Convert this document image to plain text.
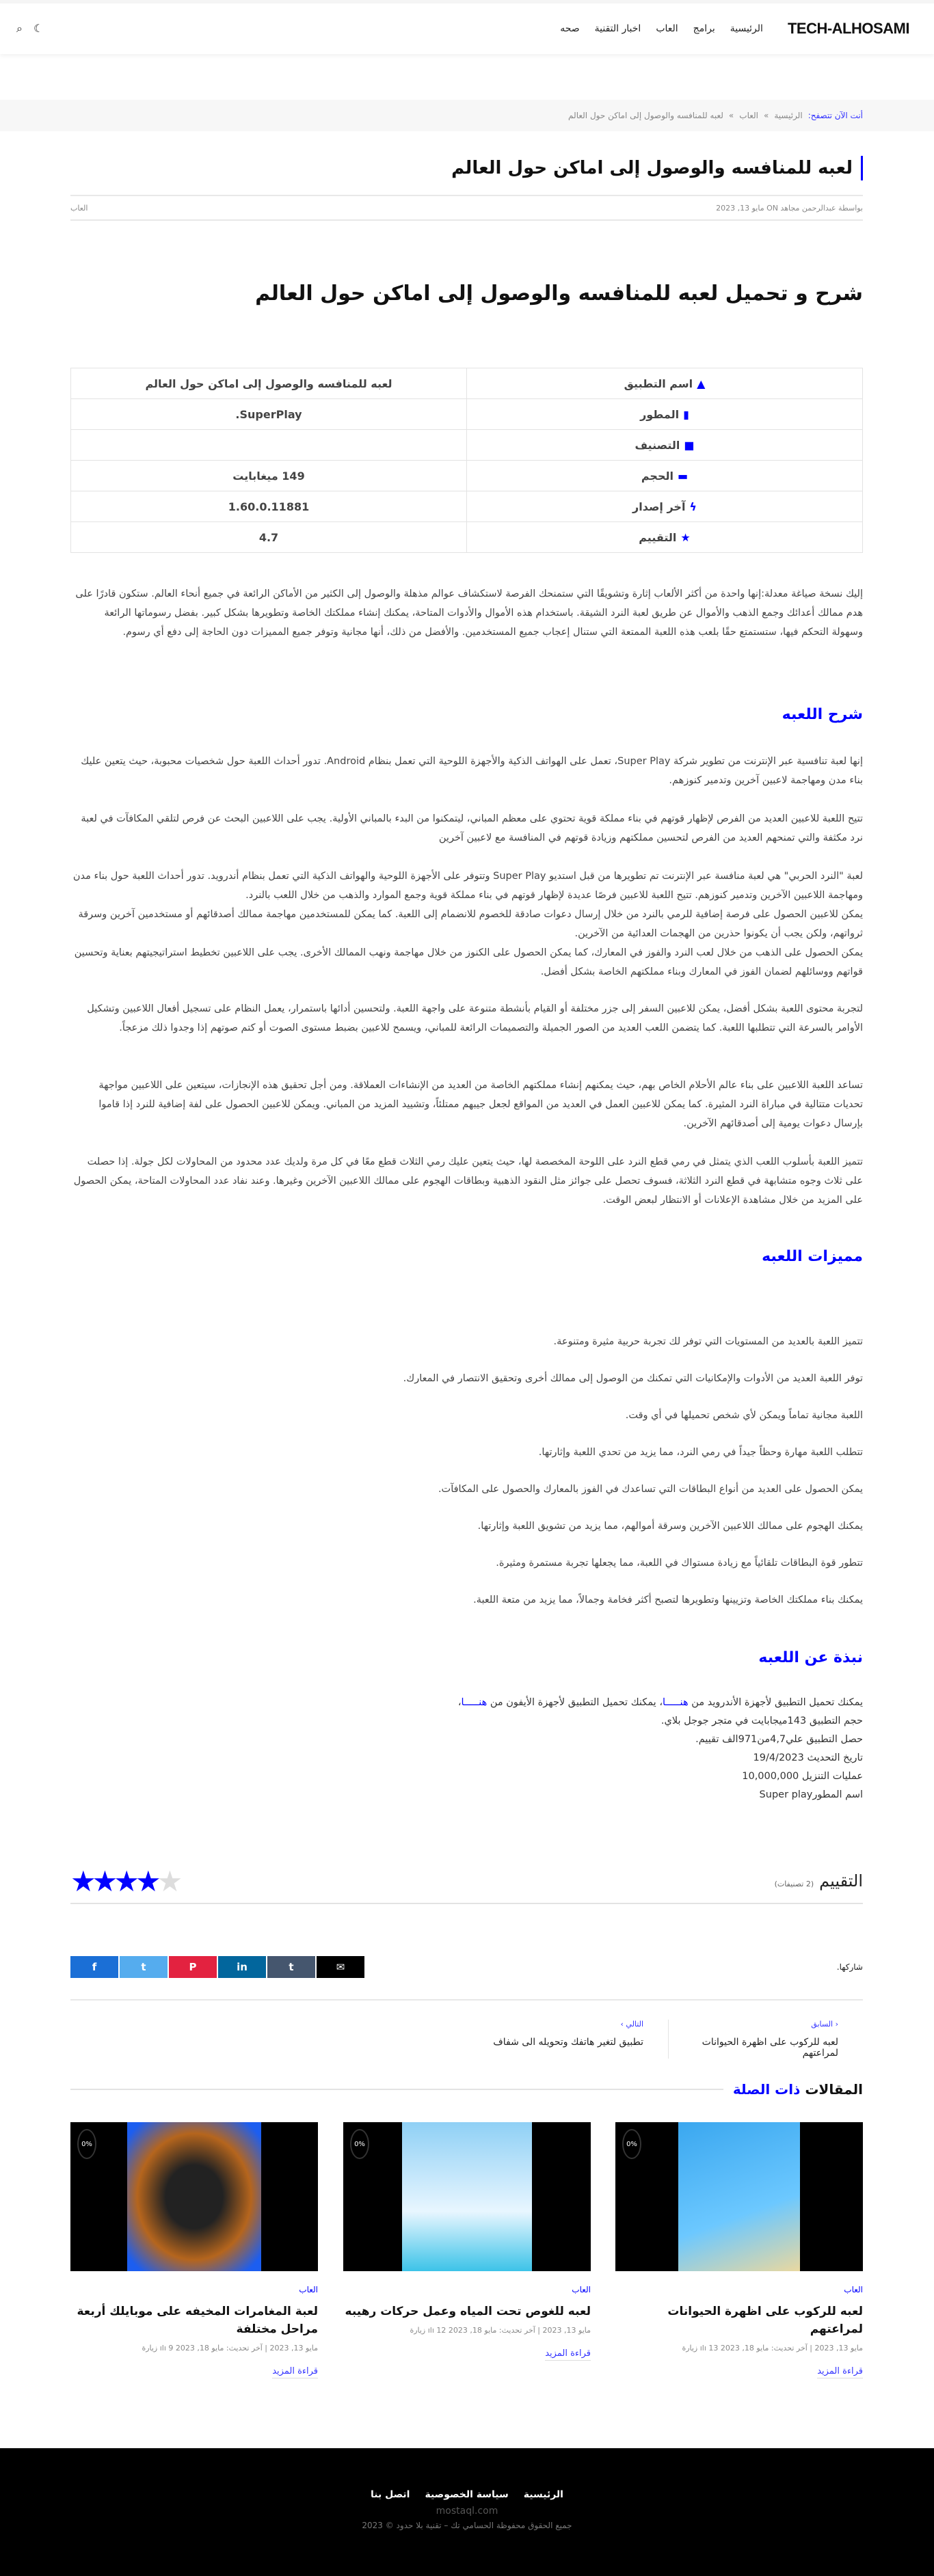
TECH-ALHOSAMI
الرئيسية
برامج
العاب
اخبار التقنية
صحه
☾
⌕
أنت الآن تتصفح:
الرئيسية
»
العاب
»
لعبه للمنافسه والوصول إلى اماكن حول العالم
لعبه للمنافسه والوصول إلى اماكن حول العالم
بواسطة عبدالرحمن مجاهد ON مايو 13, 2023
العاب
شرح و تحميل لعبه للمنافسه والوصول إلى اماكن حول العالم
▲اسم التطبيق	لعبه للمنافسه والوصول إلى اماكن حول العالم
▮المطور	SuperPlay.
■التصنيف	
▬الحجم	149 ميغابايت
ϟآخر إصدار	1.60.0.11881
★التقييم	4.7

إليك نسخة صياغة معدلة:إنها واحدة من أكثر الألعاب إثارة وتشويقًا التي ستمنحك الفرصة لاستكشاف عوالم مذهلة والوصول إلى الكثير من الأماكن الرائعة في جميع أنحاء العالم. ستكون قادرًا على هدم ممالك أعدائك وجمع الذهب والأموال عن طريق لعبة النرد الشيقة. باستخدام هذه الأموال والأدوات المتاحة، يمكنك إنشاء مملكتك الخاصة وتطويرها بشكل كبير. بفضل رسوماتها الرائعة وسهولة التحكم فيها، ستستمتع حقًا بلعب هذه اللعبة الممتعة التي ستنال إعجاب جميع المستخدمين. والأفضل من ذلك، أنها مجانية وتوفر جميع المميزات دون الحاجة إلى دفع أي رسوم.

شرح اللعبه

إنها لعبة تنافسية عبر الإنترنت من تطوير شركة Super Play، تعمل على الهواتف الذكية والأجهزة اللوحية التي تعمل بنظام Android. تدور أحداث اللعبة حول شخصيات محبوبة، حيث يتعين عليك بناء مدن ومهاجمة لاعبين آخرين وتدمير كنوزهم.

تتيح اللعبة للاعبين العديد من الفرص لإظهار قوتهم في بناء مملكة قوية تحتوي على معظم المباني، ليتمكنوا من البدء بالمباني الأولية. يجب على اللاعبين البحث عن فرص لتلقي المكافآت في لعبة نرد مكثفة والتي تمنحهم العديد من الفرص لتحسين مملكتهم وزيادة قوتهم في المنافسة مع لاعبين آخرين

لعبة "النرد الحربي" هي لعبة منافسة عبر الإنترنت تم تطويرها من قبل استديو Super Play وتتوفر على الأجهزة اللوحية والهواتف الذكية التي تعمل بنظام أندرويد. تدور أحداث اللعبة حول بناء مدن ومهاجمة اللاعبين الآخرين وتدمير كنوزهم. تتيح اللعبة للاعبين فرصًا عديدة لإظهار قوتهم في بناء مملكة قوية وجمع الموارد والذهب من خلال اللعب بالنرد.
يمكن للاعبين الحصول على فرصة إضافية للرمي بالنرد من خلال إرسال دعوات صادقة للخصوم للانضمام إلى اللعبة. كما يمكن للمستخدمين مهاجمة ممالك أصدقائهم أو مستخدمين آخرين وسرقة ثرواتهم، ولكن يجب أن يكونوا حذرين من الهجمات العدائية من الآخرين.
يمكن الحصول على الذهب من خلال لعب النرد والفوز في المعارك، كما يمكن الحصول على الكنوز من خلال مهاجمة ونهب الممالك الأخرى. يجب على اللاعبين تخطيط استراتيجيتهم بعناية وتحسين قواتهم ووسائلهم لضمان الفوز في المعارك وبناء مملكتهم الخاصة بشكل أفضل.

لتجربة محتوى اللعبة بشكل أفضل، يمكن للاعبين السفر إلى جزر مختلفة أو القيام بأنشطة متنوعة على واجهة اللعبة. ولتحسين أدائها باستمرار، يعمل النظام على تسجيل أفعال اللاعبين وتشكيل الأوامر بالسرعة التي تتطلبها اللعبة. كما يتضمن اللعب العديد من الصور الجميلة والتصميمات الرائعة للمباني، ويسمح للاعبين بضبط مستوى الصوت أو كتم صوتهم إذا وجدوا ذلك مزعجاً.

تساعد اللعبة اللاعبين على بناء عالم الأحلام الخاص بهم، حيث يمكنهم إنشاء مملكتهم الخاصة من العديد من الإنشاءات العملاقة. ومن أجل تحقيق هذه الإنجازات، سيتعين على اللاعبين مواجهة تحديات متتالية في مباراة النرد المثيرة. كما يمكن للاعبين العمل في العديد من المواقع لجعل جيبهم ممتلئاً، وتشييد المزيد من المباني. ويمكن للاعبين الحصول على لفة إضافية للنرد إذا قاموا بإرسال دعوات يومية إلى أصدقائهم الآخرين.

تتميز اللعبة بأسلوب اللعب الذي يتمثل في رمي قطع النرد على اللوحة المخصصة لها، حيث يتعين عليك رمي الثلاث قطع معًا في كل مرة ولديك عدد محدود من المحاولات لكل جولة. إذا حصلت على ثلاث وجوه متشابهة في قطع النرد الثلاثة، فسوف تحصل على جوائز مثل النقود الذهبية وبطاقات الهجوم على ممالك اللاعبين الآخرين وغيرها. وعند نفاد عدد المحاولات المتاحة، يمكن الحصول على المزيد من خلال مشاهدة الإعلانات أو الانتظار لبعض الوقت.

مميزات اللعبه

تتميز اللعبة بالعديد من المستويات التي توفر لك تجربة حربية مثيرة ومتنوعة.

توفر اللعبة العديد من الأدوات والإمكانيات التي تمكنك من الوصول إلى ممالك أخرى وتحقيق الانتصار في المعارك.

اللعبة مجانية تماماً ويمكن لأي شخص تحميلها في أي وقت.

تتطلب اللعبة مهارة وحظاً جيداً في رمي النرد، مما يزيد من تحدي اللعبة وإثارتها.

يمكن الحصول على العديد من أنواع البطاقات التي تساعدك في الفوز بالمعارك والحصول على المكافآت.

يمكنك الهجوم على ممالك اللاعبين الآخرين وسرقة أموالهم، مما يزيد من تشويق اللعبة وإثارتها.

تتطور قوة البطاقات تلقائياً مع زيادة مستواك في اللعبة، مما يجعلها تجربة مستمرة ومثيرة.

يمكنك بناء مملكتك الخاصة وتزيينها وتطويرها لتصبح أكثر فخامة وجمالاً، مما يزيد من متعة اللعبة.

نبذة عن اللعبه

يمكنك تحميل التطبيق لأجهزة الأندرويد من هنـــــا، يمكنك تحميل التطبيق لأجهزة الأيفون من هنـــــا،

حجم التطبيق 143ميجابايت في متجر جوجل بلاي.

حصل التطبيق علي4,7من971الف تقييم.

تاريخ التحديث 19/4/2023

عمليات التنزيل 10,000,000

اسم المطورSuper play

التقييم(2 تصنيفات)
★ ★ ★ ★ ★
شاركها.
f	t	P	in	t	✉
‹ السابق
لعبه للركوب على اظهرة الحيوانات لمراعتهم
التالي ›
تطبيق لتغير هاتفك وتحويله الى شفاف
المقالات ذات الصلة
0%
العاب
لعبه للركوب على اظهرة الحيوانات لمراعتهم
مايو 13, 2023 | آخر تحديث: مايو 18, 2023 ılı 13 زيارة
قراءة المزيد
0%
العاب
لعبه للغوص تحت المياه وعمل حركات رهيبه
مايو 13, 2023 | آخر تحديث: مايو 18, 2023 ılı 12 زيارة
قراءة المزيد
0%
العاب
لعبة المغامرات المخيفه على موبايلك أربعة مراحل مختلفة
مايو 13, 2023 | آخر تحديث: مايو 18, 2023 ılı 9 زيارة
قراءة المزيد
الرئيسية
سياسة الخصوصية
اتصل بنا
mostaql.com
جميع الحقوق محفوظة الحسامي تك – تقنية بلا حدود © 2023
